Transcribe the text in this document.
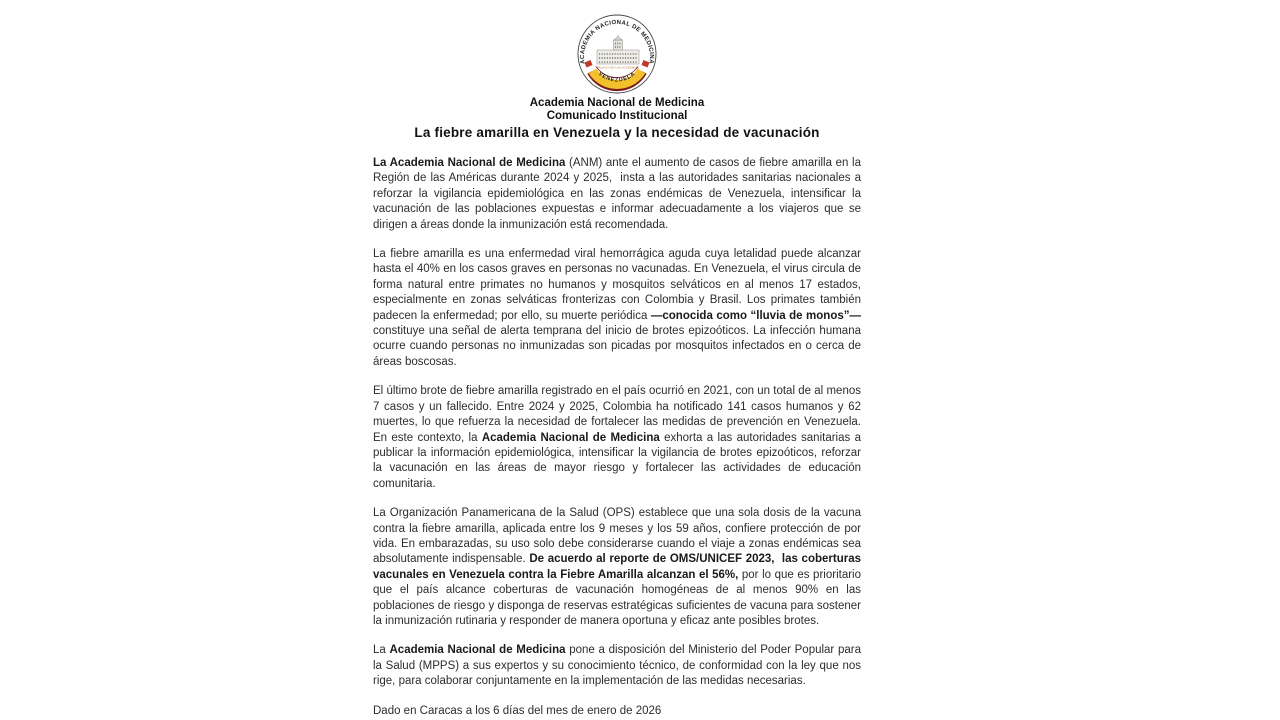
PALACIO DE LAS ACADEMIAS
ACADEMIA NACIONAL DE MEDICINA
VENEZUELA
Academia Nacional de Medicina
Comunicado Institucional
La fiebre amarilla en Venezuela y la necesidad de vacunación

La Academia Nacional de Medicina (ANM) ante el aumento de casos de fiebre amarilla en la Región de las Américas durante 2024 y 2025,  insta a las autoridades sanitarias nacionales a reforzar la vigilancia epidemiológica en las zonas endémicas de Venezuela, intensificar la vacunación de las poblaciones expuestas e informar adecuadamente a los viajeros que se dirigen a áreas donde la inmunización está recomendada.

La fiebre amarilla es una enfermedad viral hemorrágica aguda cuya letalidad puede alcanzar hasta el 40% en los casos graves en personas no vacunadas. En Venezuela, el virus circula de forma natural entre primates no humanos y mosquitos selváticos en al menos 17 estados, especialmente en zonas selváticas fronterizas con Colombia y Brasil. Los primates también padecen la enfermedad; por ello, su muerte periódica —conocida como “lluvia de monos”— constituye una señal de alerta temprana del inicio de brotes epizoóticos. La infección humana ocurre cuando personas no inmunizadas son picadas por mosquitos infectados en o cerca de áreas boscosas.

El último brote de fiebre amarilla registrado en el país ocurrió en 2021, con un total de al menos 7 casos y un fallecido. Entre 2024 y 2025, Colombia ha notificado 141 casos humanos y 62 muertes, lo que refuerza la necesidad de fortalecer las medidas de prevención en Venezuela. En este contexto, la Academia Nacional de Medicina exhorta a las autoridades sanitarias a publicar la información epidemiológica, intensificar la vigilancia de brotes epizoóticos, reforzar la vacunación en las áreas de mayor riesgo y fortalecer las actividades de educación comunitaria.

La Organización Panamericana de la Salud (OPS) establece que una sola dosis de la vacuna contra la fiebre amarilla, aplicada entre los 9 meses y los 59 años, confiere protección de por vida. En embarazadas, su uso solo debe considerarse cuando el viaje a zonas endémicas sea absolutamente indispensable. De acuerdo al reporte de OMS/UNICEF 2023,  las coberturas vacunales en Venezuela contra la Fiebre Amarilla alcanzan el 56%, por lo que es prioritario que el país alcance coberturas de vacunación homogéneas de al menos 90% en las poblaciones de riesgo y disponga de reservas estratégicas suficientes de vacuna para sostener la inmunización rutinaria y responder de manera oportuna y eficaz ante posibles brotes.

La Academia Nacional de Medicina pone a disposición del Ministerio del Poder Popular para la Salud (MPPS) a sus expertos y su conocimiento técnico, de conformidad con la ley que nos rige, para colaborar conjuntamente en la implementación de las medidas necesarias.

Dado en Caracas a los 6 días del mes de enero de 2026
